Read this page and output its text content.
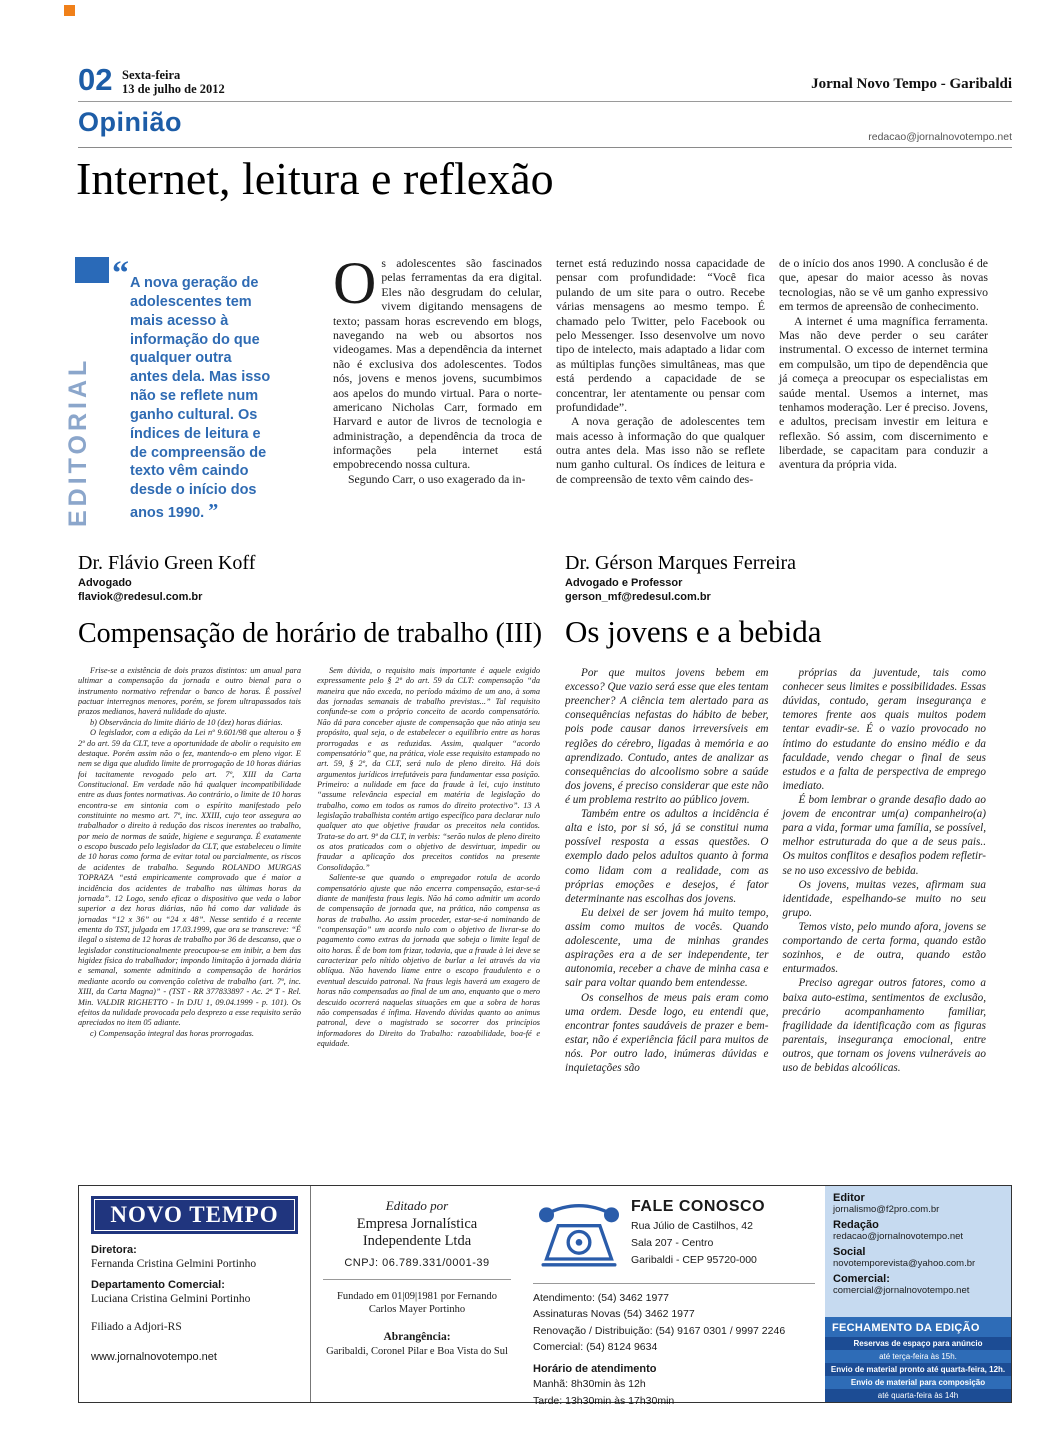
02 Sexta-feira
13 de julho de 2012	Jornal Novo Tempo - Garibaldi
Opinião	redacao@jornalnovotempo.net
Internet, leitura e reflexão
EDITORIAL
“ A nova geração de adolescentes tem mais acesso à informação do que qualquer outra antes dela. Mas isso não se reflete num ganho cultural. Os índices de leitura e de compreensão de texto vêm caindo desde o início dos anos 1990. ”

Os adolescentes são fascinados pelas ferramentas da era digital. Eles não desgrudam do celular, vivem digitando mensagens de texto; passam horas escrevendo em blogs, navegando na web ou absortos nos videogames. Mas a dependência da internet não é exclusiva dos adolescentes. Todos nós, jovens e menos jovens, sucumbimos aos apelos do mundo virtual. Para o norte-americano Nicholas Carr, formado em Harvard e autor de livros de tecnologia e administração, a dependência da troca de informações pela internet está empobrecendo nossa cultura.

Segundo Carr, o uso exagerado da in-

ternet está reduzindo nossa capacidade de pensar com profundidade: “Você fica pulando de um site para o outro. Recebe várias mensagens ao mesmo tempo. É chamado pelo Twitter, pelo Facebook ou pelo Messenger. Isso desenvolve um novo tipo de intelecto, mais adaptado a lidar com as múltiplas funções simultâneas, mas que está perdendo a capacidade de se concentrar, ler atentamente ou pensar com profundidade”.

A nova geração de adolescentes tem mais acesso à informação do que qualquer outra antes dela. Mas isso não se reflete num ganho cultural. Os índices de leitura e de compreensão de texto vêm caindo des-

de o início dos anos 1990. A conclusão é de que, apesar do maior acesso às novas tecnologias, não se vê um ganho expressivo em termos de apreensão de conhecimento.

A internet é uma magnífica ferramenta. Mas não deve perder o seu caráter instrumental. O excesso de internet termina em compulsão, um tipo de dependência que já começa a preocupar os especialistas em saúde mental. Usemos a internet, mas tenhamos moderação. Ler é preciso. Jovens, e adultos, precisam investir em leitura e reflexão. Só assim, com discernimento e liberdade, se capacitam para conduzir a aventura da própria vida.

Dr. Flávio Green Koff
Advogado
flaviok@redesul.com.br
Dr. Gérson Marques Ferreira
Advogado e Professor
gerson_mf@redesul.com.br
Compensação de horário de trabalho (III) Os jovens e a bebida

Frise-se a existência de dois prazos distintos: um anual para ultimar a compensação da jornada e outro bienal para o instrumento normativo refrendar o banco de horas. É possível pactuar interregnos menores, porém, se forem ultrapassados tais prazos medianos, haverá nulidade do ajuste.

b) Observância do limite diário de 10 (dez) horas diárias.

O legislador, com a edição da Lei nº 9.601/98 que alterou o § 2º do art. 59 da CLT, teve a oportunidade de abolir o requisito em destaque. Porém assim não o fez, mantendo-o em pleno vigor. E nem se diga que aludido limite de prorrogação de 10 horas diárias foi tacitamente revogado pelo art. 7º, XIII da Carta Constitucional. Em verdade não há qualquer incompatibilidade entre as duas fontes normativas. Ao contrário, o limite de 10 horas encontra-se em sintonia com o espírito manifestado pelo constituinte no mesmo art. 7º, inc. XXIII, cujo teor assegura ao trabalhador o direito à redução dos riscos inerentes ao trabalho, por meio de normas de saúde, higiene e segurança. É exatamente o escopo buscado pelo legislador da CLT, que estabeleceu o limite de 10 horas como forma de evitar total ou parcialmente, os riscos de acidentes de trabalho. Segundo ROLANDO MURGAS TOPRAZA “está empiricamente comprovado que é maior a incidência dos acidentes de trabalho nas últimas horas da jornada”. 12 Logo, sendo eficaz o dispositivo que veda o labor superior a dez horas diárias, não há como dar validade às jornadas “12 x 36” ou “24 x 48”. Nesse sentido é a recente ementa do TST, julgada em 17.03.1999, que ora se transcreve: “É ilegal o sistema de 12 horas de trabalho por 36 de descanso, que o legislador constitucionalmente preocupou-se em inibir, a bem das higidez física do trabalhador; impondo limitação à jornada diária e semanal, somente admitindo a compensação de horários mediante acordo ou convenção coletiva de trabalho (art. 7º, inc. XIII, da Carta Magna)” - (TST - RR 377833897 - Ac. 2ª T - Rel. Min. VALDIR RIGHETTO - In DJU 1, 09.04.1999 - p. 101). Os efeitos da nulidade provocada pelo desprezo a esse requisito serão apreciados no item 05 adiante.

c) Compensação integral das horas prorrogadas.

Sem dúvida, o requisito mais importante é aquele exigido expressamente pelo § 2º do art. 59 da CLT: compensação “da maneira que não exceda, no período máximo de um ano, à soma das jornadas semanais de trabalho previstas...” Tal requisito confunde-se com o próprio conceito de acordo compensatório. Não dá para conceber ajuste de compensação que não atinja seu propósito, qual seja, o de estabelecer o equilíbrio entre as horas prorrogadas e as reduzidas. Assim, qualquer “acordo compensatório” que, na prática, viole esse requisito estampado no art. 59, § 2º, da CLT, será nulo de pleno direito. Há dois argumentos jurídicos irrefutáveis para fundamentar essa posição. Primeiro: a nulidade em face da fraude à lei, cujo instituto “assume relevância especial em matéria de legislação do trabalho, como em todos os ramos do direito protectivo”. 13 A legislação trabalhista contém artigo específico para declarar nulo qualquer ato que objetive fraudar os preceitos nela contidos. Trata-se do art. 9º da CLT, in verbis: “serão nulos de pleno direito os atos praticados com o objetivo de desvirtuar, impedir ou fraudar a aplicação dos preceitos contidos na presente Consolidação.”

Saliente-se que quando o empregador rotula de acordo compensatório ajuste que não encerra compensação, estar-se-á diante de manifesta fraus legis. Não há como admitir um acordo de compensação de jornada que, na prática, não compensa as horas de trabalho. Ao assim proceder, estar-se-á nominando de “compensação” um acordo nulo com o objetivo de livrar-se do pagamento como extras da jornada que sobeja o limite legal de oito horas. É de bom tom frizar, todavia, que a fraude à lei deve se caracterizar pelo nítido objetivo de burlar a lei através da via oblíqua. Não havendo liame entre o escopo fraudulento e o eventual descuido patronal. Na fraus legis haverá um exagero de horas não compensadas ao final de um ano, enquanto que o mero descuido ocorrerá naquelas situações em que a sobra de horas não compensadas é ínfima. Havendo dúvidas quanto ao animus patronal, deve o magistrado se socorrer dos princípios informadores do Direito do Trabalho: razoabilidade, boa-fé e equidade.

Por que muitos jovens bebem em excesso? Que vazio será esse que eles tentam preencher? A ciência tem alertado para as consequências nefastas do hábito de beber, pois pode causar danos irreversíveis em regiões do cérebro, ligadas à memória e ao aprendizado. Contudo, antes de analizar as consequências do alcoolismo sobre a saúde dos jovens, é preciso considerar que este não é um problema restrito ao público jovem.

Também entre os adultos a incidência é alta e isto, por si só, já se constitui numa possível resposta a essas questões. O exemplo dado pelos adultos quanto à forma como lidam com a realidade, com as próprias emoções e desejos, é fator determinante nas escolhas dos jovens.

Eu deixei de ser jovem há muito tempo, assim como muitos de vocês. Quando adolescente, uma de minhas grandes aspirações era a de ser independente, ter autonomia, receber a chave de minha casa e sair para voltar quando bem entendesse.

Os conselhos de meus pais eram como uma ordem. Desde logo, eu entendi que, encontrar fontes saudáveis de prazer e bem-estar, não é experiência fácil para muitos de nós. Por outro lado, inúmeras dúvidas e inquietações são

próprias da juventude, tais como conhecer seus limites e possibilidades. Essas dúvidas, contudo, geram insegurança e temores frente aos quais muitos podem tentar evadir-se. É o vazio provocado no íntimo do estudante do ensino médio e da faculdade, vendo chegar o final de seus estudos e a falta de perspectiva de emprego imediato.

É bom lembrar o grande desafio dado ao jovem de encontrar um(a) companheiro(a) para a vida, formar uma família, se possível, melhor estruturada do que a de seus pais.. Os muitos conflitos e desafios podem refletir-se no uso excessivo de bebida.

Os jovens, muitas vezes, afirmam sua identidade, espelhando-se muito no seu grupo.

Temos visto, pelo mundo afora, jovens se comportando de certa forma, quando estão sozinhos, e de outra, quando estão enturmados.

Preciso agregar outros fatores, como a baixa auto-estima, sentimentos de exclusão, precário acompanhamento familiar, fragilidade da identificação com as figuras parentais, insegurança emocional, entre outros, que tornam os jovens vulneráveis ao uso de bebidas alcoólicas.

NOVO TEMPO
Diretora:
Fernanda Cristina Gelmini Portinho
Departamento Comercial:
Luciana Cristina Gelmini Portinho
Filiado a Adjori-RS
www.jornalnovotempo.net
Editado por
Empresa Jornalística Independente Ltda
CNPJ: 06.789.331/0001-39
Fundado em 01|09|1981 por Fernando Carlos Mayer Portinho
Abrangência:
Garibaldi, Coronel Pilar e Boa Vista do Sul
FALE CONOSCO
Rua Júlio de Castilhos, 42
Sala 207 - Centro
Garibaldi - CEP 95720-000
Atendimento: (54) 3462 1977
Assinaturas Novas (54) 3462 1977
Renovação / Distribuição: (54) 9167 0301 / 9997 2246
Comercial: (54) 8124 9634
Horário de atendimento
Manhã: 8h30min às 12h
Tarde: 13h30min às 17h30min
Editor
jornalismo@f2pro.com.br
Redação
redacao@jornalnovotempo.net
Social
novotemporevista@yahoo.com.br
Comercial:
comercial@jornalnovotempo.net
FECHAMENTO DA EDIÇÃO
Reservas de espaço para anúncio
até terça-feira às 15h.
Envio de material pronto até quarta-feira, 12h.
Envio de material para composição
até quarta-feira às 14h
